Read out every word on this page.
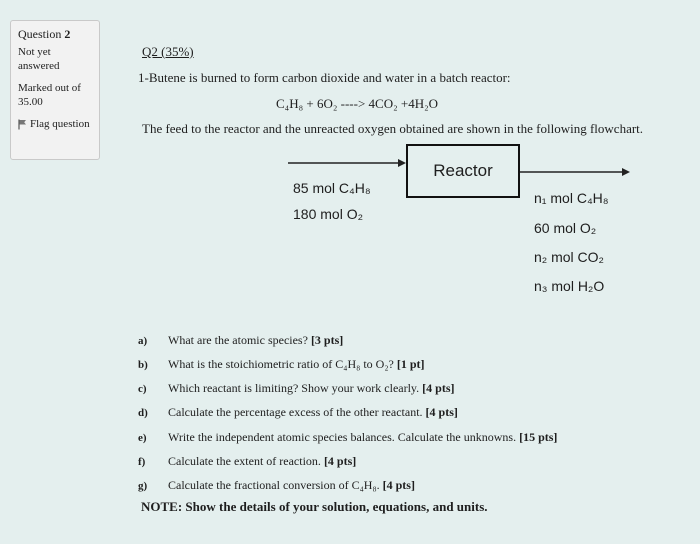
Question 2
Not yet answered
Marked out of
35.00
Flag question
Q2 (35%)
1-Butene is burned to form carbon dioxide and water in a batch reactor:
C₄H₈ + 6O₂ ----> 4CO₂ +4H₂O
The feed to the reactor and the unreacted oxygen obtained are shown in the following flowchart.
Reactor
85 mol C₄H₈
180 mol O₂
n₁ mol C₄H₈
60 mol O₂
n₂ mol CO₂
n₃ mol H₂O
a) What are the atomic species? [3 pts]
b) What is the stoichiometric ratio of C₄H₈ to O₂? [1 pt]
c) Which reactant is limiting? Show your work clearly. [4 pts]
d) Calculate the percentage excess of the other reactant. [4 pts]
e) Write the independent atomic species balances. Calculate the unknowns. [15 pts]
f) Calculate the extent of reaction. [4 pts]
g) Calculate the fractional conversion of C₄H₈. [4 pts]
NOTE: Show the details of your solution, equations, and units.
